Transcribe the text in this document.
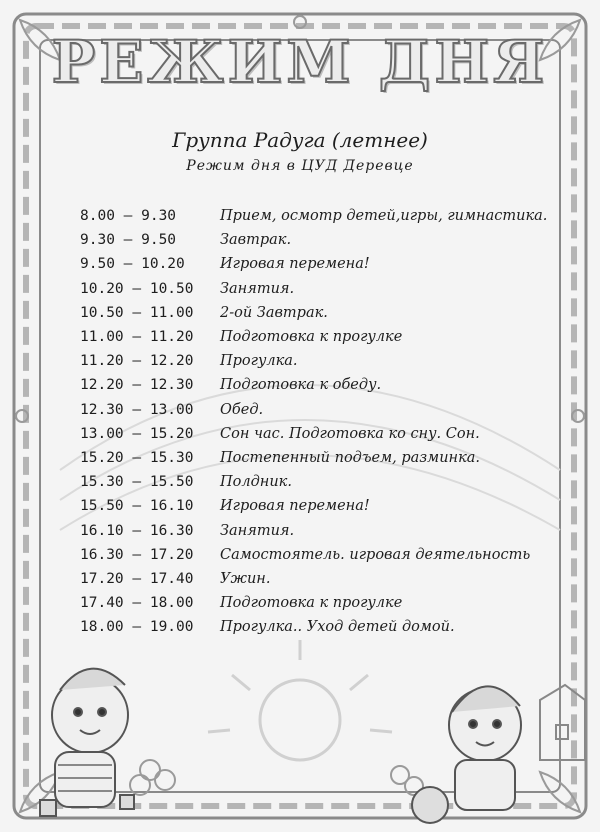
РЕЖИМ ДНЯ
Группа Радуга (летнее)
Режим дня в ЦУД Деревце
8.00 – 9.30	Прием, осмотр детей,игры, гимнастика.
9.30 – 9.50	Завтрак.
9.50 – 10.20	Игровая перемена!
10.20 – 10.50	Занятия.
10.50 – 11.00	2-ой Завтрак.
11.00 – 11.20	Подготовка к прогулке
11.20 – 12.20	Прогулка.
12.20 – 12.30	Подготовка к обеду.
12.30 – 13.00	Обед.
13.00 – 15.20	Сон час. Подготовка ко сну. Сон.
15.20 – 15.30	Постепенный подъем, разминка.
15.30 – 15.50	Полдник.
15.50 – 16.10	Игровая перемена!
16.10 – 16.30	Занятия.
16.30 – 17.20	Самостоятель. игровая деятельность
17.20 – 17.40	Ужин.
17.40 – 18.00	Подготовка к прогулке
18.00 – 19.00	Прогулка.. Уход детей домой.
